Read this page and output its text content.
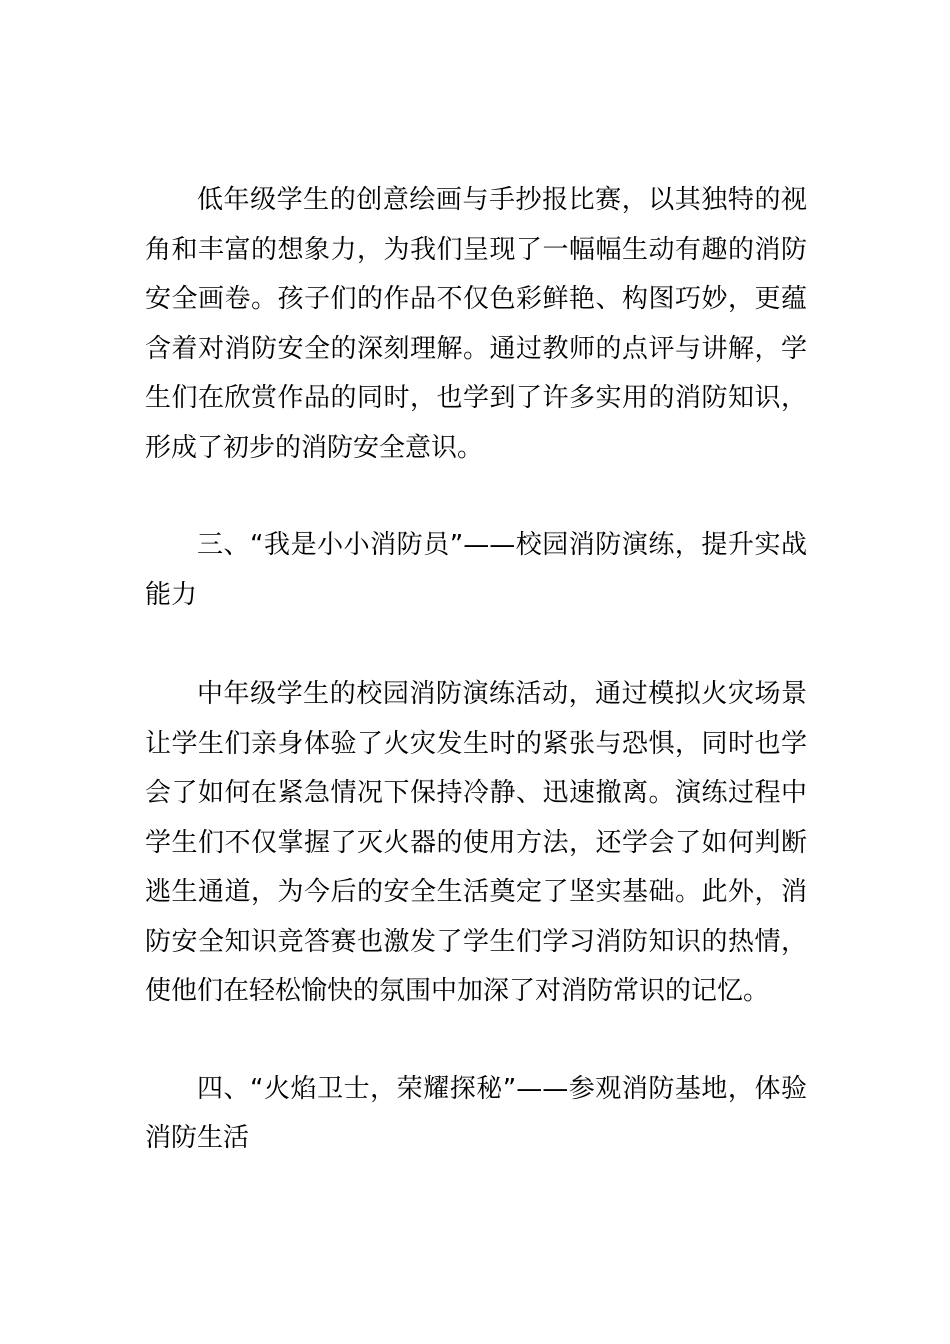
低年级学生的创意绘画与手抄报比赛，以其独特的视角和丰富的想象力，为我们呈现了一幅幅生动有趣的消防安全画卷。孩子们的作品不仅色彩鲜艳、构图巧妙，更蕴含着对消防安全的深刻理解。通过教师的点评与讲解，学生们在欣赏作品的同时，也学到了许多实用的消防知识，形成了初步的消防安全意识。

三、“我是小小消防员”——校园消防演练，提升实战能力

中年级学生的校园消防演练活动，通过模拟火灾场景让学生们亲身体验了火灾发生时的紧张与恐惧，同时也学会了如何在紧急情况下保持冷静、迅速撤离。演练过程中学生们不仅掌握了灭火器的使用方法，还学会了如何判断逃生通道，为今后的安全生活奠定了坚实基础。此外，消防安全知识竞答赛也激发了学生们学习消防知识的热情，使他们在轻松愉快的氛围中加深了对消防常识的记忆。

四、“火焰卫士，荣耀探秘”——参观消防基地，体验消防生活
